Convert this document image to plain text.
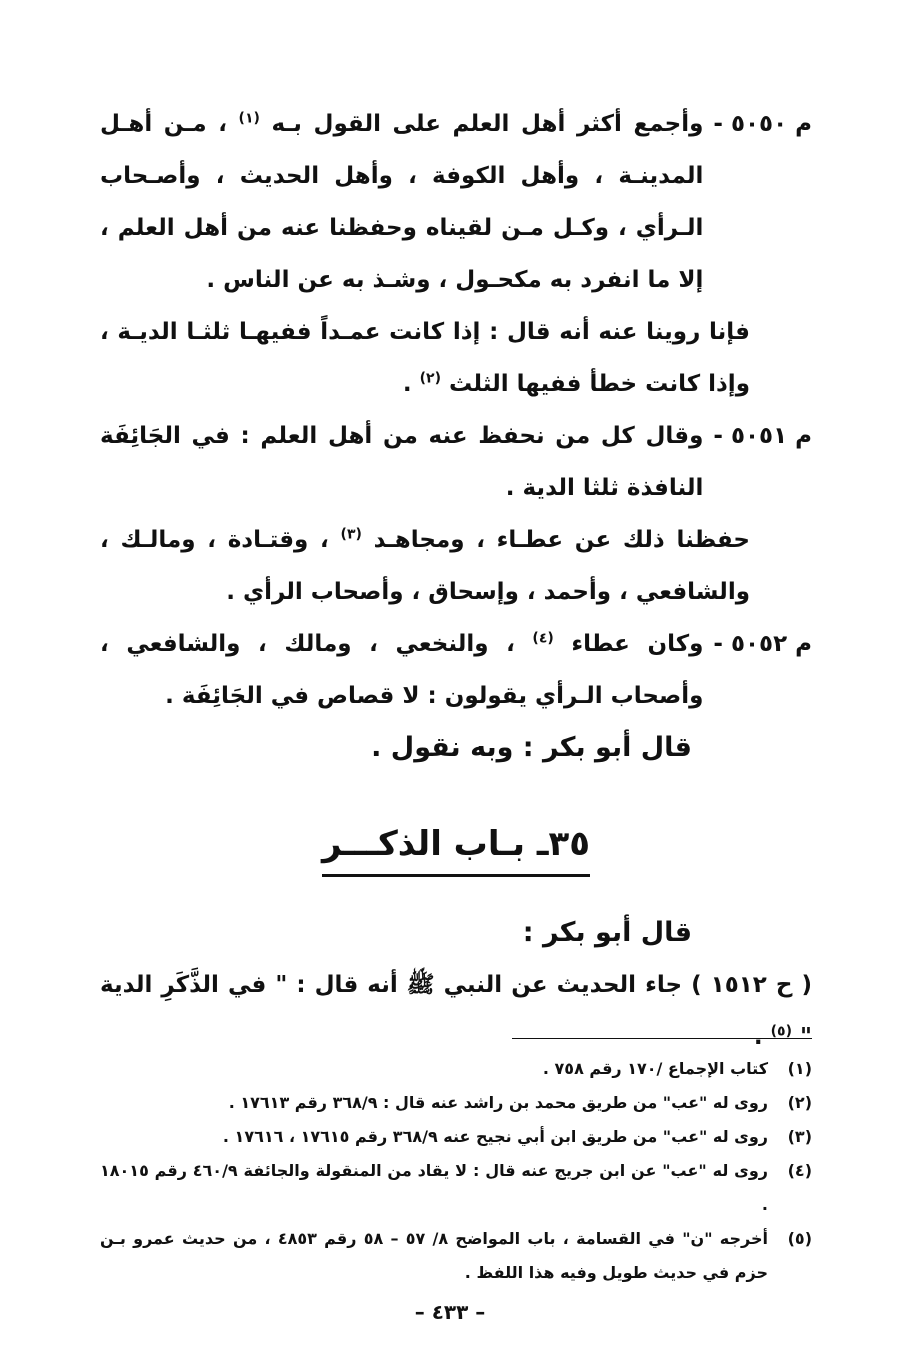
م ٥٠٥٠ -
وأجمع أكثر أهل العلم على القول بـه $^{(١)}$ ، مـن أهـل المدينـة ، وأهل الكوفة ، وأهل الحديث ، وأصـحاب الـرأي ، وكـل مـن لقيناه وحفظنا عنه من أهل العلم ، إلا ما انفرد به مكحـول ، وشـذ به عن الناس .
فإنا روينا عنه أنه قال : إذا كانت عمـداً ففيهـا ثلثـا الديـة ، وإذا كانت خطأ ففيها الثلث $^{(٢)}$ .
م ٥٠٥١ -
وقال كل من نحفظ عنه من أهل العلم : في الجَائِفَة النافذة ثلثا الدية .
حفظنا ذلك عن عطـاء ، ومجاهـد $^{(٣)}$ ، وقتـادة ، ومالـك ، والشافعي ، وأحمد ، وإسحاق ، وأصحاب الرأي .
م ٥٠٥٢ -
وكان عطاء $^{(٤)}$ ، والنخعي ، ومالك ، والشافعي ، وأصحاب الـرأي يقولون : لا قصاص في الجَائِفَة .
قال أبو بكر : وبه نقول .
٣٥ـ بـاب الذكـــر
قال أبو بكر :
( ح ١٥١٢ ) جاء الحديث عن النبي ﷺ أنه قال : " في الذَّكَرِ الدية " $^{(٥)}$ .
(١)
كتاب الإجماع /١٧٠ رقم ٧٥٨ .
(٢)
روى له "عب" من طريق محمد بن راشد عنه قال : ٣٦٨/٩ رقم ١٧٦١٣ .
(٣)
روى له "عب" من طريق ابن أبي نجيح عنه ٣٦٨/٩ رقم ١٧٦١٥ ، ١٧٦١٦ .
(٤)
روى له "عب" عن ابن جريج عنه قال : لا يقاد من المنقولة والجائفة ٤٦٠/٩ رقم ١٨٠١٥ .
(٥)
أخرجه "ن" في القسامة ، باب المواضح ٨/ ٥٧ – ٥٨ رقم ٤٨٥٣ ، من حديث عمرو بـن حزم في حديث طويل وفيه هذا اللفظ .
– ٤٣٣ –
